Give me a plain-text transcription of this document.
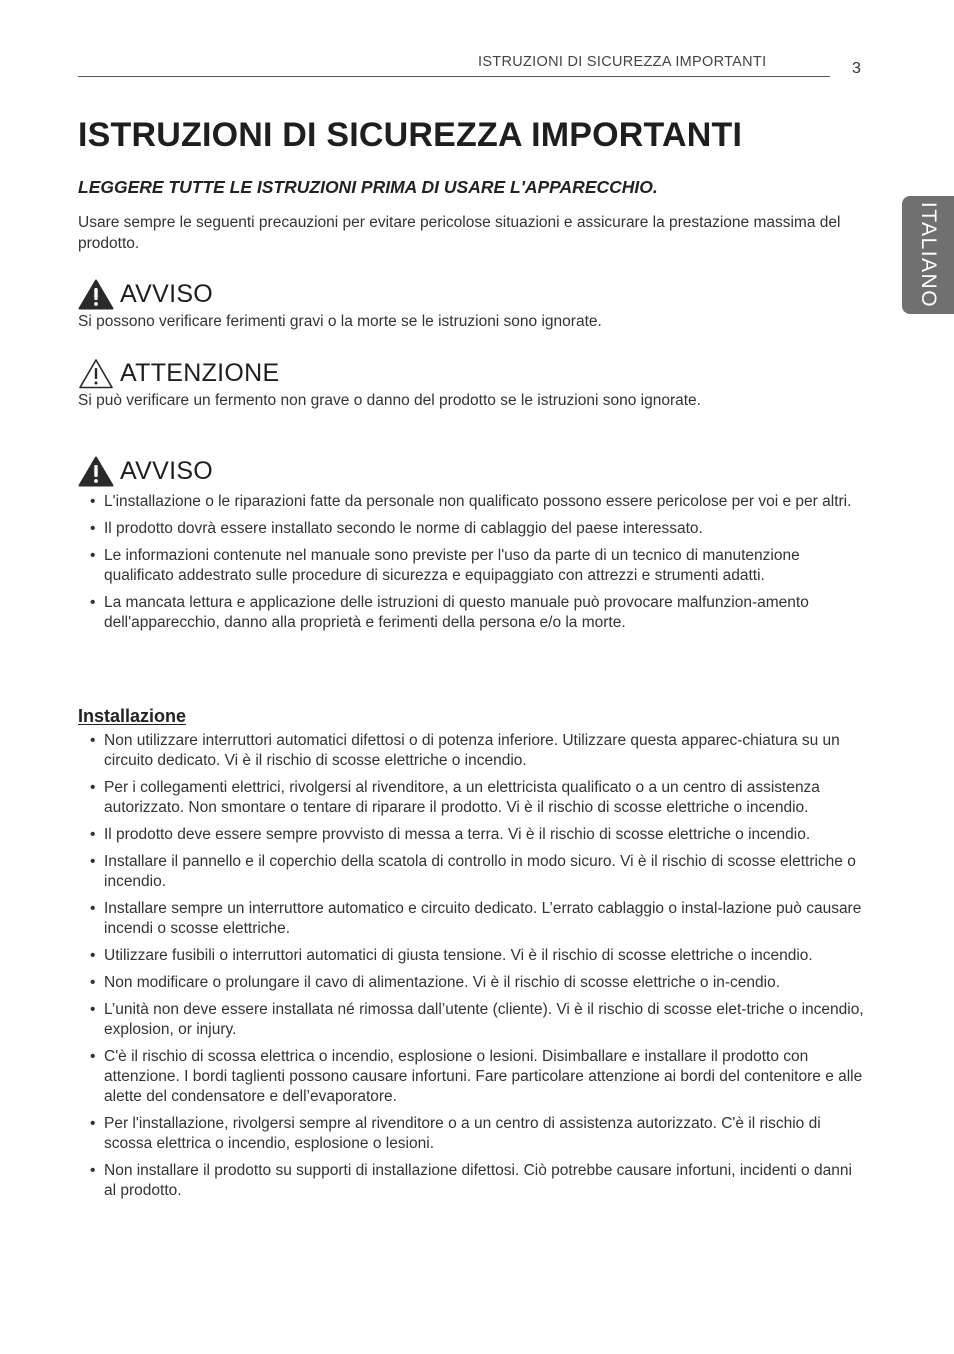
ISTRUZIONI DI SICUREZZA IMPORTANTI	3
ITALIANO
ISTRUZIONI DI SICUREZZA IMPORTANTI
LEGGERE TUTTE LE ISTRUZIONI PRIMA DI USARE L'APPARECCHIO.

Usare sempre le seguenti precauzioni per evitare pericolose situazioni e assicurare la prestazione massima del prodotto.

AVVISO

Si possono verificare ferimenti gravi o la morte se le istruzioni sono ignorate.

ATTENZIONE

Si può verificare un fermento non grave o danno del prodotto se le istruzioni sono ignorate.

AVVISO
• L'installazione o le riparazioni fatte da personale non qualificato possono essere pericolose per voi e per altri.
• Il prodotto dovrà essere installato secondo le norme di cablaggio del paese interessato.
• Le informazioni contenute nel manuale sono previste per l'uso da parte di un tecnico di manutenzione qualificato addestrato sulle procedure di sicurezza e equipaggiato con attrezzi e strumenti adatti.
• La mancata lettura e applicazione delle istruzioni di questo manuale può provocare malfunzion-amento dell'apparecchio, danno alla proprietà e ferimenti della persona e/o la morte.
Installazione
• Non utilizzare interruttori automatici difettosi o di potenza inferiore. Utilizzare questa apparec-chiatura su un circuito dedicato. Vi è il rischio di scosse elettriche o incendio.
• Per i collegamenti elettrici, rivolgersi al rivenditore, a un elettricista qualificato o a un centro di assistenza autorizzato. Non smontare o tentare di riparare il prodotto. Vi è il rischio di scosse elettriche o incendio.
• Il prodotto deve essere sempre provvisto di messa a terra. Vi è il rischio di scosse elettriche o incendio.
• Installare il pannello e il coperchio della scatola di controllo in modo sicuro. Vi è il rischio di scosse elettriche o incendio.
• Installare sempre un interruttore automatico e circuito dedicato. L’errato cablaggio o instal-lazione può causare incendi o scosse elettriche.
• Utilizzare fusibili o interruttori automatici di giusta tensione. Vi è il rischio di scosse elettriche o incendio.
• Non modificare o prolungare il cavo di alimentazione. Vi è il rischio di scosse elettriche o in-cendio.
• L’unità non deve essere installata né rimossa dall’utente (cliente). Vi è il rischio di scosse elet-triche o incendio, explosion, or injury.
• C'è il rischio di scossa elettrica o incendio, esplosione o lesioni. Disimballare e installare il prodotto con attenzione. I bordi taglienti possono causare infortuni. Fare particolare attenzione ai bordi del contenitore e alle alette del condensatore e dell’evaporatore.
• Per l'installazione, rivolgersi sempre al rivenditore o a un centro di assistenza autorizzato. C'è il rischio di scossa elettrica o incendio, esplosione o lesioni.
• Non installare il prodotto su supporti di installazione difettosi. Ciò potrebbe causare infortuni, incidenti o danni al prodotto.
